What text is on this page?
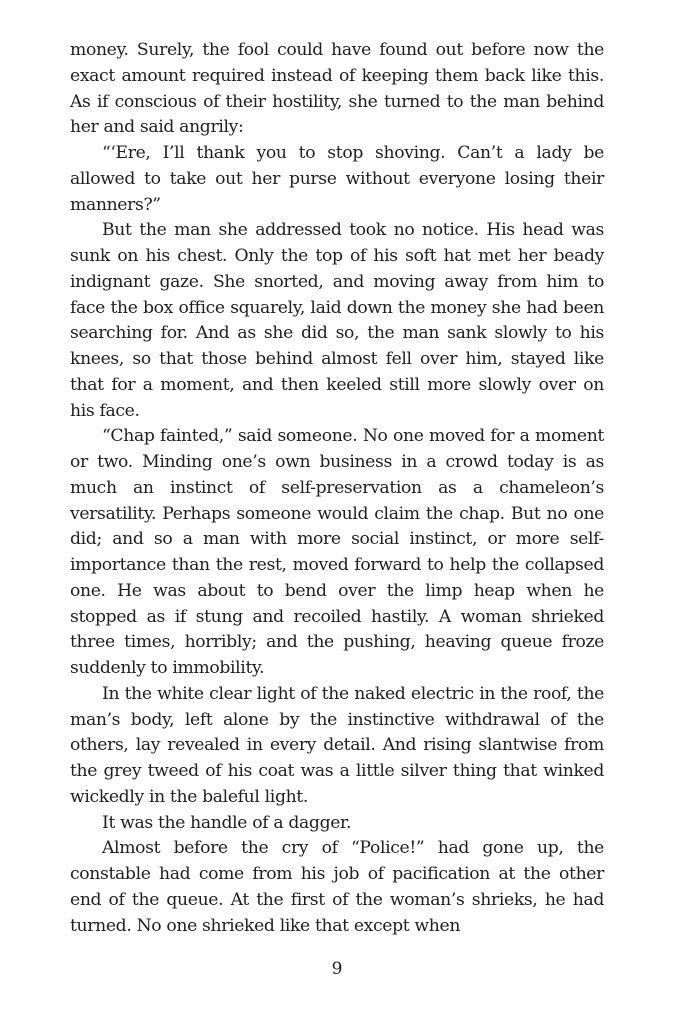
money. Surely, the fool could have found out before now the exact amount required instead of keeping them back like this. As if conscious of their hostility, she turned to the man behind her and said angrily:

“‘Ere, I’ll thank you to stop shoving. Can’t a lady be allowed to take out her purse without everyone losing their manners?”

But the man she addressed took no notice. His head was sunk on his chest. Only the top of his soft hat met her beady indignant gaze. She snorted, and moving away from him to face the box office squarely, laid down the money she had been searching for. And as she did so, the man sank slowly to his knees, so that those behind almost fell over him, stayed like that for a moment, and then keeled still more slowly over on his face.

“Chap fainted,” said someone. No one moved for a moment or two. Minding one’s own business in a crowd today is as much an instinct of self-preservation as a chameleon’s versatility. Perhaps someone would claim the chap. But no one did; and so a man with more social instinct, or more self-importance than the rest, moved forward to help the collapsed one. He was about to bend over the limp heap when he stopped as if stung and recoiled hastily. A woman shrieked three times, horribly; and the pushing, heaving queue froze suddenly to immobility.

In the white clear light of the naked electric in the roof, the man’s body, left alone by the instinctive withdrawal of the others, lay revealed in every detail. And rising slantwise from the grey tweed of his coat was a little silver thing that winked wickedly in the baleful light.

It was the handle of a dagger.

Almost before the cry of “Police!” had gone up, the constable had come from his job of pacification at the other end of the queue. At the first of the woman’s shrieks, he had turned. No one shrieked like that except when

9
